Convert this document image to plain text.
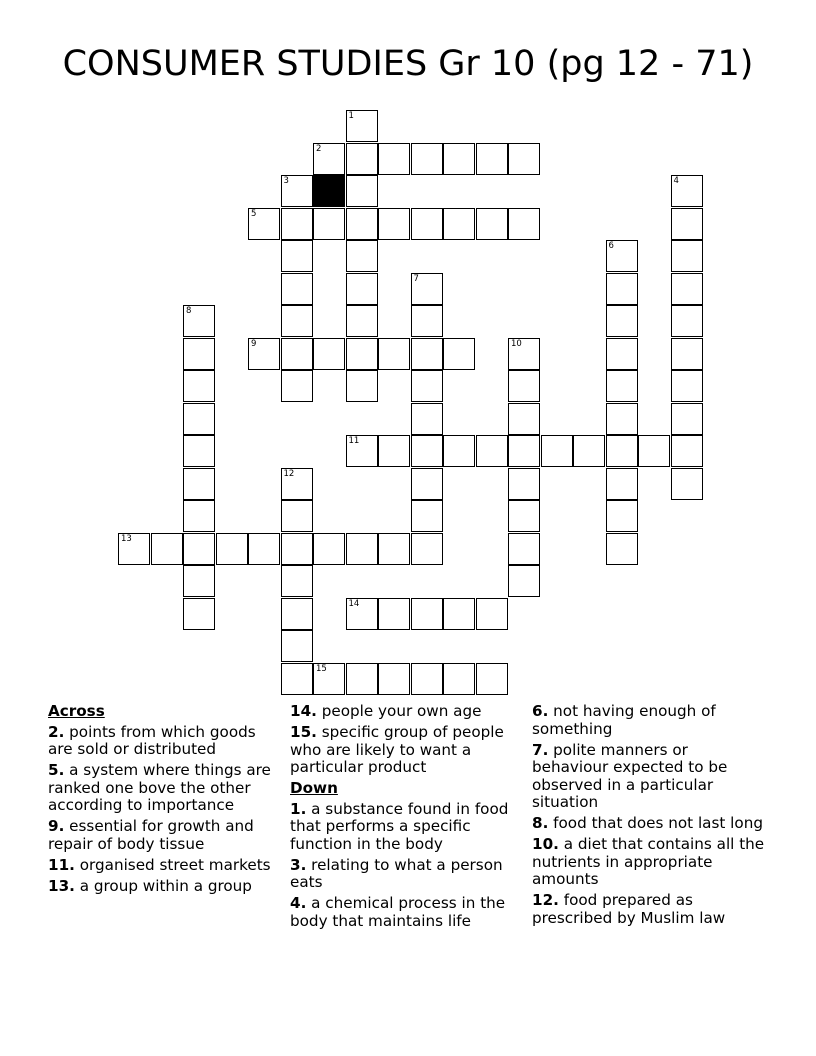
CONSUMER STUDIES Gr 10 (pg 12 - 71)
1
2
3	4
5
6
7
8
9	10
11
12
13
14
15
Across
2. points from which goods are sold or distributed
5. a system where things are ranked one bove the other according to importance
9. essential for growth and repair of body tissue
11. organised street markets
13. a group within a group
14. people your own age
15. specific group of people who are likely to want a particular product
Down
1. a substance found in food that performs a specific function in the body
3. relating to what a person eats
4. a chemical process in the body that maintains life
6. not having enough of something
7. polite manners or behaviour expected to be observed in a particular situation
8. food that does not last long
10. a diet that contains all the nutrients in appropriate amounts
12. food prepared as prescribed by Muslim law
